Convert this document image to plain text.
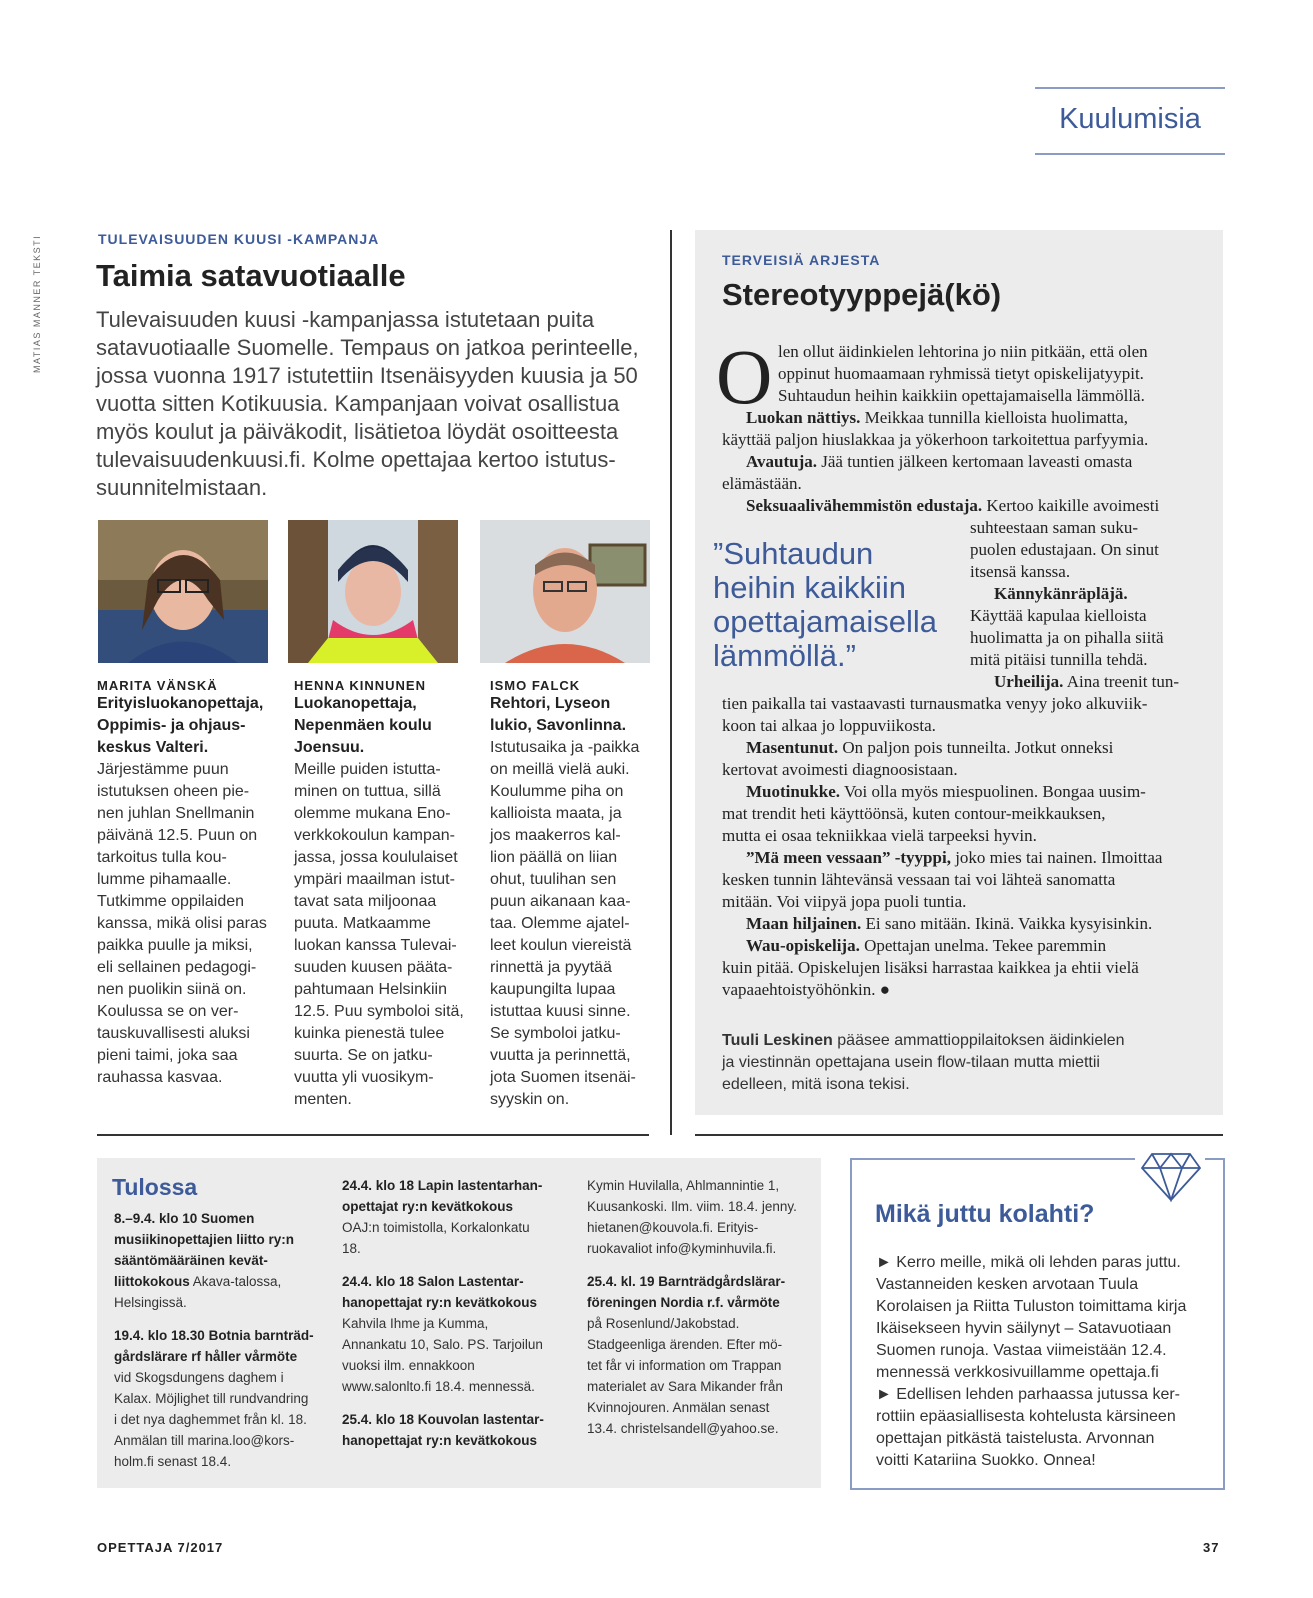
MATIAS MANNER TEKSTI
Kuulumisia
TULEVAISUUDEN KUUSI -KAMPANJA
Taimia satavuotiaalle
Tulevaisuuden kuusi -kampanjassa istutetaan puita
satavuotiaalle Suomelle. Tempaus on jatkoa perinteelle,
jossa vuonna 1917 istutettiin Itsenäisyyden kuusia ja 50
vuotta sitten Kotikuusia. Kampanjaan voivat osallistua
myös koulut ja päiväkodit, lisätietoa löydät osoitteesta
tulevaisuudenkuusi.fi. Kolme opettajaa kertoo istutus-
suunnitelmistaan.
MARITA VÄNSKÄ
Erityisluokanopettaja,
Oppimis- ja ohjaus-
keskus Valteri.
Järjestämme puun
istutuksen oheen pie-
nen juhlan Snellmanin
päivänä 12.5. Puun on
tarkoitus tulla kou-
lumme pihamaalle.
Tutkimme oppilaiden
kanssa, mikä olisi paras
paikka puulle ja miksi,
eli sellainen pedagogi-
nen puolikin siinä on.
Koulussa se on ver-
tauskuvallisesti aluksi
pieni taimi, joka saa
rauhassa kasvaa.
HENNA KINNUNEN
Luokanopettaja,
Nepenmäen koulu
Joensuu.
Meille puiden istutta-
minen on tuttua, sillä
olemme mukana Eno-
verkkokoulun kampan-
jassa, jossa koululaiset
ympäri maailman istut-
tavat sata miljoonaa
puuta. Matkaamme
luokan kanssa Tulevai-
suuden kuusen päätа-
pahtumaan Helsinkiin
12.5. Puu symboloi sitä,
kuinka pienestä tulee
suurta. Se on jatku-
vuutta yli vuosikym-
menten.
ISMO FALCK
Rehtori, Lyseon
lukio, Savonlinna.
Istutusaika ja -paikka
on meillä vielä auki.
Koulumme piha on
kallioista maata, ja
jos maakerros kal-
lion päällä on liian
ohut, tuulihan sen
puun aikanaan kaa-
taa. Olemme ajatel-
leet koulun viereistä
rinnettä ja pyytää
kaupungilta lupaa
istuttaa kuusi sinne.
Se symboloi jatku-
vuutta ja perinnettä,
jota Suomen itsenäi-
syyskin on.
TERVEISIÄ ARJESTA
Stereotyyppejä(kö)
O len ollut äidinkielen lehtorina jo niin pitkään, että olen
oppinut huomaamaan ryhmissä tietyt opiskelijatyypit.
Suhtaudun heihin kaikkiin opettajamaisella lämmöllä.

Luokan nättiys. Meikkaa tunnilla kielloista huolimatta,

käyttää paljon hiuslakkaa ja yökerhoon tarkoitettua parfyymia.

Avautuja. Jää tuntien jälkeen kertomaan laveasti omasta

elämästään.

Seksuaalivähemmistön edustaja. Kertoo kaikille avoimesti

”Suhtaudun
heihin kaikkiin
opettajamaisella
lämmöllä.”
suhteestaan saman suku-
puolen edustajaan. On sinut
itsensä kanssa.

Kännykänräpläjä.

Käyttää kapulaa kielloista
huolimatta ja on pihalla siitä
mitä pitäisi tunnilla tehdä.

Urheilija. Aina treenit tun-

tien paikalla tai vastaavasti turnausmatka venyy joko alkuviik-
koon tai alkaa jo loppuviikosta.

Masentunut. On paljon pois tunneilta. Jotkut onneksi

kertovat avoimesti diagnoosistaan.

Muotinukke. Voi olla myös miespuolinen. Bongaa uusim-

mat trendit heti käyttöönsä, kuten contour-meikkauksen,
mutta ei osaa tekniikkaa vielä tarpeeksi hyvin.

”Mä meen vessaan” -tyyppi, joko mies tai nainen. Ilmoittaa

kesken tunnin lähtevänsä vessaan tai voi lähteä sanomatta
mitään. Voi viipyä jopa puoli tuntia.

Maan hiljainen. Ei sano mitään. Ikinä. Vaikka kysyisinkin.

Wau-opiskelija. Opettajan unelma. Tekee paremmin

kuin pitää. Opiskelujen lisäksi harrastaa kaikkea ja ehtii vielä

vapaaehtoistyöhönkin. ●

Tuuli Leskinen pääsee ammattioppilaitoksen äidinkielen
ja viestinnän opettajana usein flow-tilaan mutta miettii
edelleen, mitä isona tekisi.
Tulossa
8.–9.4. klo 10 Suomen
musiikinopettajien liitto ry:n
sääntömääräinen kevät-
liittokokous Akava-talossa,
Helsingissä.
19.4. klo 18.30 Botnia barnträd-
gårdslärare rf håller vårmöte
vid Skogsdungens daghem i
Kalax. Möjlighet till rundvandring
i det nya daghemmet från kl. 18.
Anmälan till marina.loo@kors-
holm.fi senast 18.4.
24.4. klo 18 Lapin lastentarhan-
opettajat ry:n kevätkokous
OAJ:n toimistolla, Korkalonkatu
18.
24.4. klo 18 Salon Lastentar-
hanopettajat ry:n kevätkokous
Kahvila Ihme ja Kumma,
Annankatu 10, Salo. PS. Tarjoilun
vuoksi ilm. ennakkoon
www.salonlto.fi 18.4. mennessä.
25.4. klo 18 Kouvolan lastentar-
hanopettajat ry:n kevätkokous
Kymin Huvilalla, Ahlmannintie 1,
Kuusankoski. Ilm. viim. 18.4. jenny.
hietanen@kouvola.fi. Erityis-
ruokavaliot info@kyminhuvila.fi.
25.4. kl. 19 Barnträdgårdslärar-
föreningen Nordia r.f. vårmöte
på Rosenlund/Jakobstad.
Stadgeenliga ärenden. Efter mö-
tet får vi information om Trappan
materialet av Sara Mikander från
Kvinnojouren. Anmälan senast
13.4. christelsandell@yahoo.se.
Mikä juttu kolahti?
► Kerro meille, mikä oli lehden paras juttu.
Vastanneiden kesken arvotaan Tuula
Korolaisen ja Riitta Tuluston toimittama kirja
Ikäisekseen hyvin säilynyt – Satavuotiaan
Suomen runoja. Vastaa viimeistään 12.4.
mennessä verkkosivuillamme opettaja.fi
► Edellisen lehden parhaassa jutussa ker-
rottiin epäasiallisesta kohtelusta kärsineen
opettajan pitkästä taistelusta. Arvonnan
voitti Katariina Suokko. Onnea!
OPETTAJA 7/2017	37
